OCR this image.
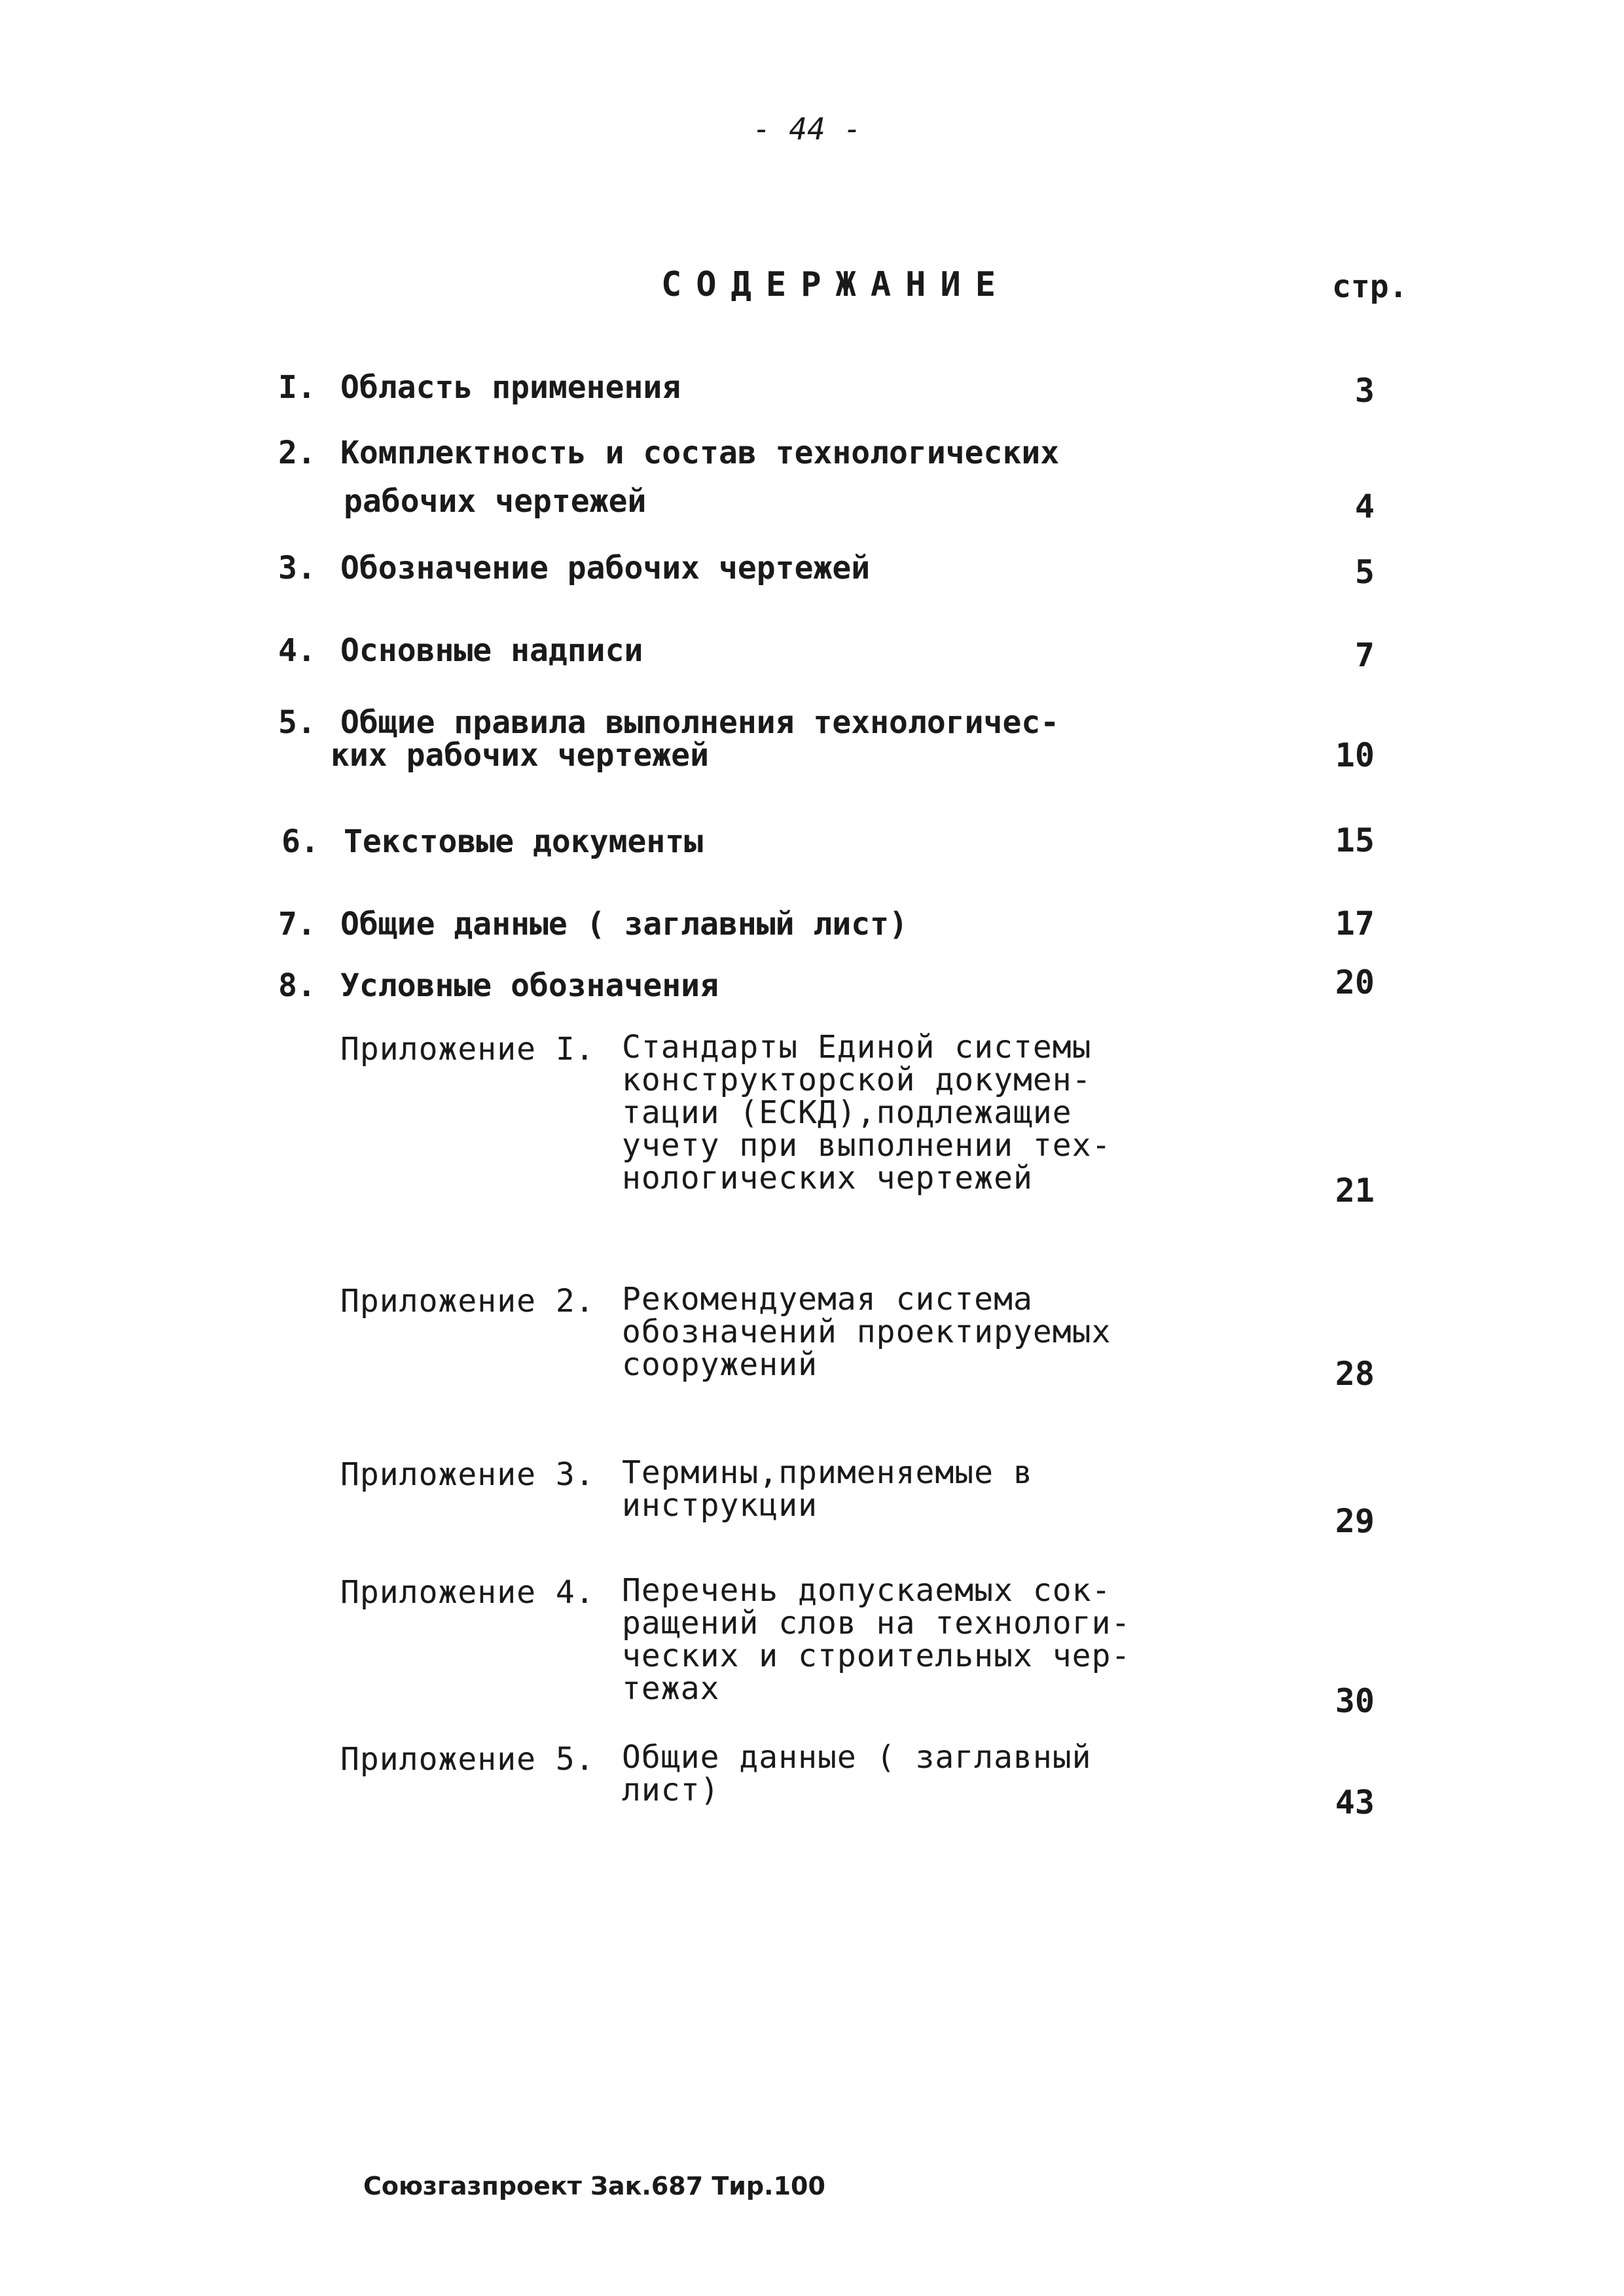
- 44 -
СОДЕРЖАНИЕ	стр.
I. Область применения	3
2. Комплектность и состав технологических
рабочих чертежей	4
3. Обозначение рабочих чертежей	5
4. Основные надписи	7
5. Общие правила выполнения технологичес-
ких рабочих чертежей	10
6. Текстовые документы	15
7. Общие данные ( заглавный лист)	17
8. Условные обозначения	20
Приложение I. Стандарты Единой системы
конструкторской докумен-
тации (ЕСКД),подлежащие
учету при выполнении тех-
нологических чертежей	21
Приложение 2. Рекомендуемая система
обозначений проектируемых
сооружений	28
Приложение 3. Термины,применяемые в
инструкции	29
Приложение 4. Перечень допускаемых сок-
ращений слов на технологи-
ческих и строительных чер-
тежах	30
Приложение 5. Общие данные ( заглавный
лист)	43
Союзгазпроект Зак.687 Тир.100
